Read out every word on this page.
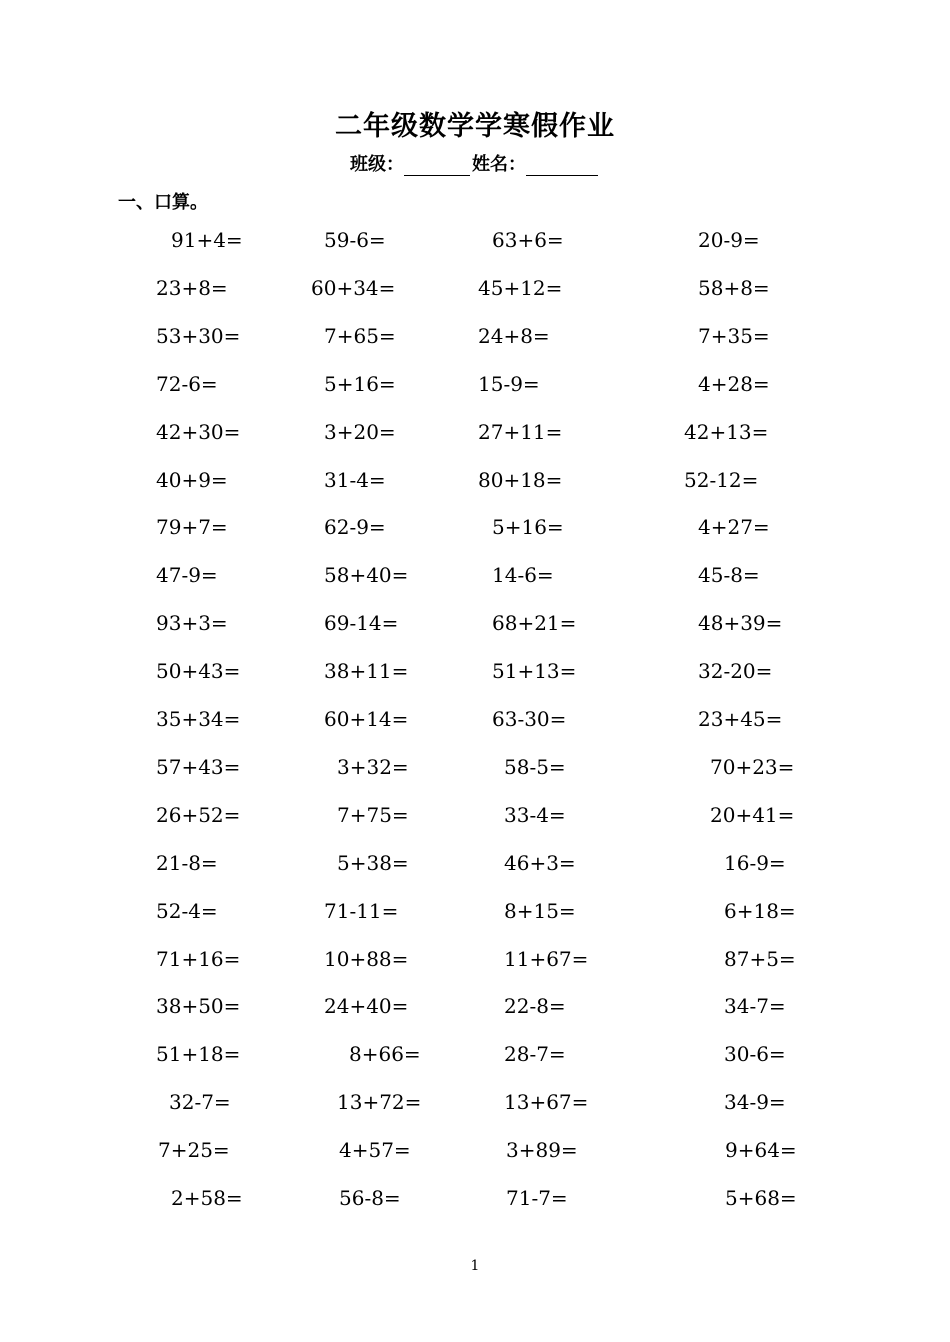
二年级数学学寒假作业
班级：	姓名：
一、口算。
91+4=	59-6=	63+6=	20-9=
23+8=	60+34=	45+12=	58+8=
53+30=	7+65=	24+8=	7+35=
72-6=	5+16=	15-9=	4+28=
42+30=	3+20=	27+11=	42+13=
40+9=	31-4=	80+18=	52-12=
79+7=	62-9=	5+16=	4+27=
47-9=	58+40=	14-6=	45-8=
93+3=	69-14=	68+21=	48+39=
50+43=	38+11=	51+13=	32-20=
35+34=	60+14=	63-30=	23+45=
57+43=	3+32=	58-5=	70+23=
26+52=	7+75=	33-4=	20+41=
21-8=	5+38=	46+3=	16-9=
52-4=	71-11=	8+15=	6+18=
71+16=	10+88=	11+67=	87+5=
38+50=	24+40=	22-8=	34-7=
51+18=	8+66=	28-7=	30-6=
32-7=	13+72=	13+67=	34-9=
7+25=	4+57=	3+89=	9+64=
2+58=	56-8=	71-7=	5+68=
1
